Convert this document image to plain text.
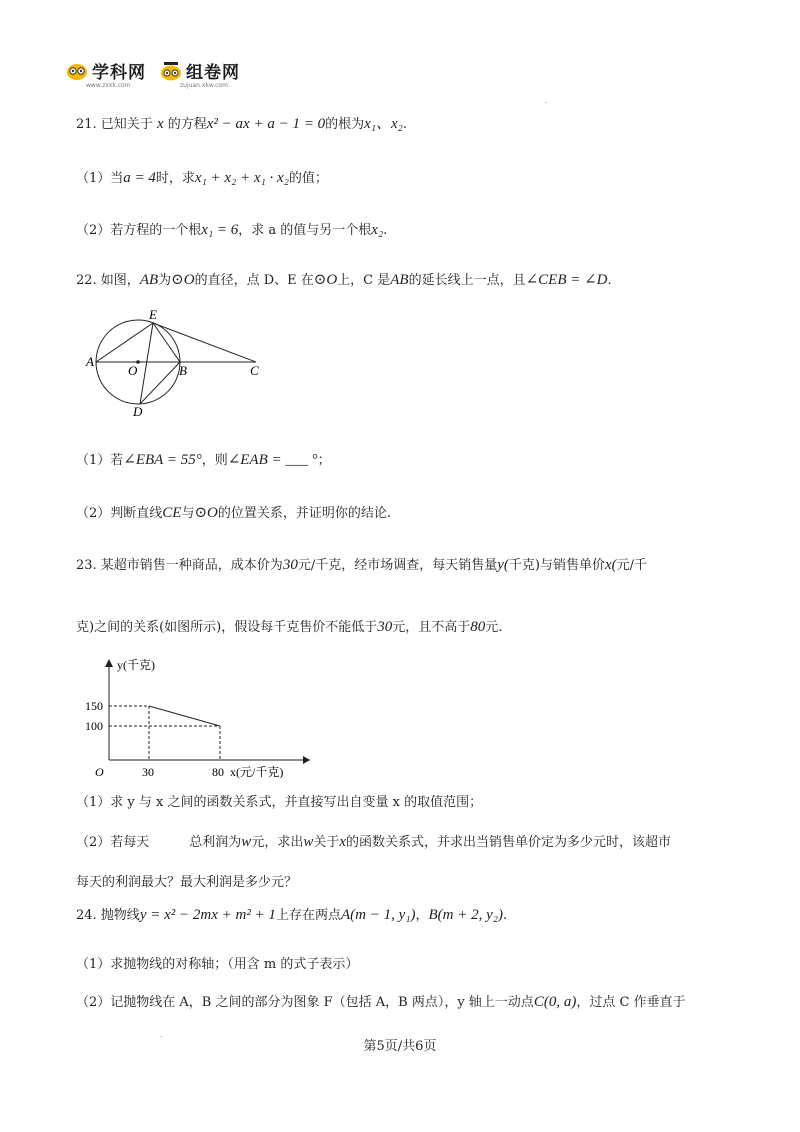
学科网
www.zxxk.com
组卷网
zujuan.xkw.com
.
21. 已知关于 x 的方程x² − ax + a − 1 = 0的根为x₁、x₂.
（1）当a = 4时，求x₁ + x₂ + x₁ · x₂的值；
（2）若方程的一个根x₁ = 6，求 a 的值与另一个根x₂.
22. 如图，AB为⊙O的直径，点 D、E 在⊙O上，C 是AB的延长线上一点，且∠CEB = ∠D.
A
O	B	C
D
E
（1）若∠EBA = 55°，则∠EAB = ___ °；
（2）判断直线CE与⊙O的位置关系，并证明你的结论.
23. 某超市销售一种商品，成本价为30元/千克，经市场调查，每天销售量y(千克)与销售单价x(元/千
克)之间的关系(如图所示)，假设每千克售价不能低于30元，且不高于80元.
y(千克)
x(元/千克)
O
150
100
30	80
（1）求 y 与 x 之间的函数关系式，并直接写出自变量 x 的取值范围；
（2）若每天	总利润为w元，求出w关于x的函数关系式，并求出当销售单价定为多少元时，该超市
每天的利润最大？最大利润是多少元？
24. 抛物线y = x² − 2mx + m² + 1上存在两点A(m − 1, y₁)，B(m + 2, y₂).
（1）求抛物线的对称轴；（用含 m 的式子表示）
（2）记抛物线在 A，B 之间的部分为图象 F（包括 A，B 两点），y 轴上一动点C(0, a)，过点 C 作垂直于
.
第5页/共6页
